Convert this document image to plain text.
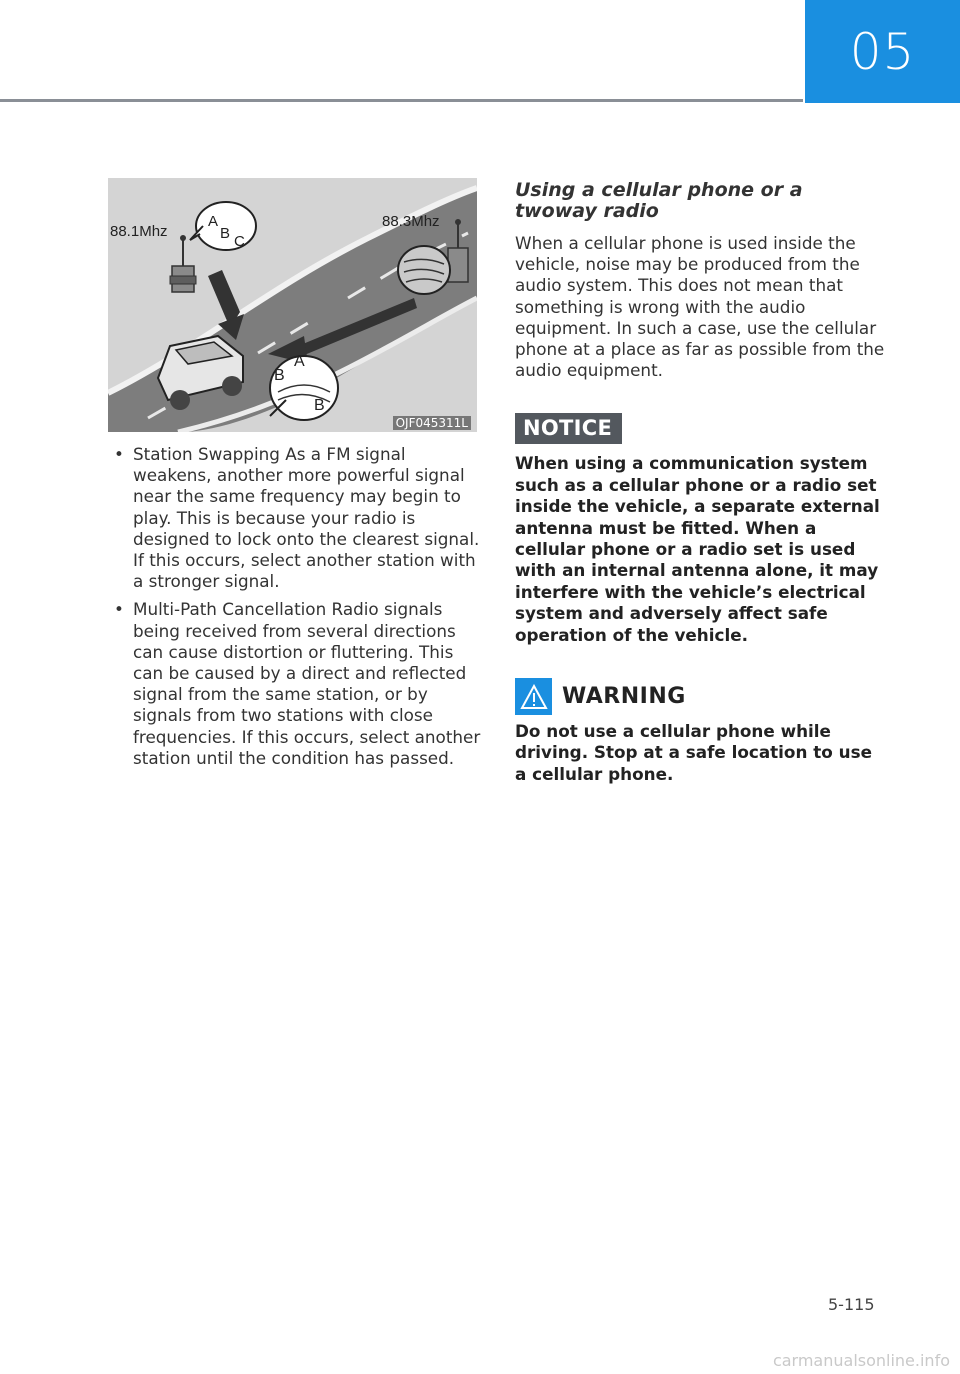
05
A
B C
88.1Mhz
88.3Mhz
A
B
B
OJF045311L
• Station Swapping As a FM signal weakens, another more powerful signal near the same frequency may begin to play. This is because your radio is designed to lock onto the clearest signal. If this occurs, select another station with a stronger signal.
• Multi-Path Cancellation Radio signals being received from several directions can cause distortion or fluttering. This can be caused by a direct and reflected signal from the same station, or by signals from two stations with close frequencies. If this occurs, select another station until the condition has passed.
Using a cellular phone or a twoway radio

When a cellular phone is used inside the vehicle, noise may be produced from the audio system. This does not mean that something is wrong with the audio equipment. In such a case, use the cellular phone at a place as far as possible from the audio equipment.

NOTICE

When using a communication system such as a cellular phone or a radio set inside the vehicle, a separate external antenna must be fitted. When a cellular phone or a radio set is used with an internal antenna alone, it may interfere with the vehicle’s electrical system and adversely affect safe operation of the vehicle.

WARNING

Do not use a cellular phone while driving. Stop at a safe location to use a cellular phone.

5-115
carmanualsonline.info
